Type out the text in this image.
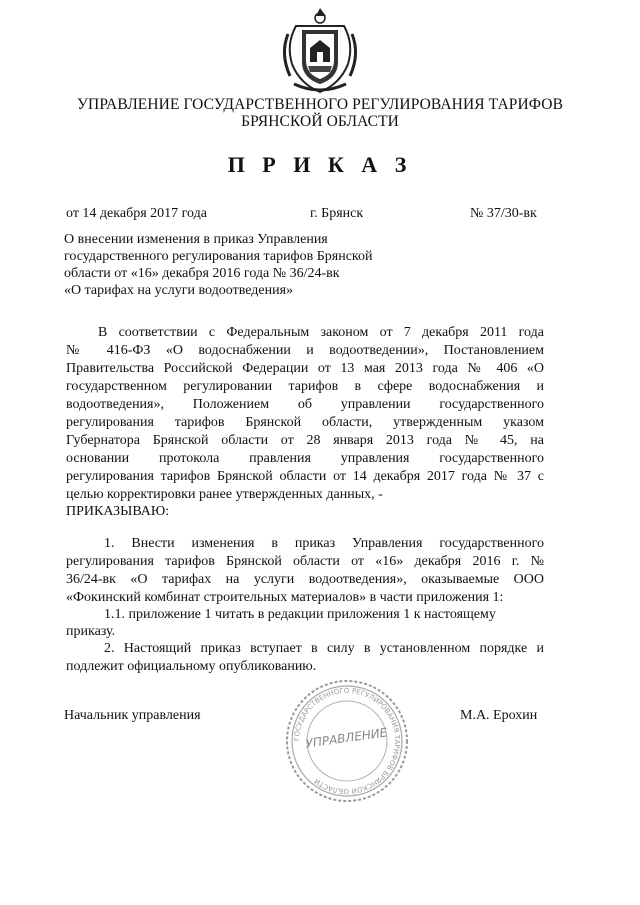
УПРАВЛЕНИЕ ГОСУДАРСТВЕННОГО РЕГУЛИРОВАНИЯ ТАРИФОВ
БРЯНСКОЙ ОБЛАСТИ
П Р И К А З
от 14 декабря 2017 года	г. Брянск	№ 37/30-вк
О внесении изменения в приказ Управления
государственного регулирования тарифов Брянской
области от «16» декабря 2016 года № 36/24-вк
«О тарифах на услуги водоотведения»
В соответствии с Федеральным законом от 7 декабря 2011 года
№ 416-ФЗ «О водоснабжении и водоотведении», Постановлением
Правительства Российской Федерации от 13 мая 2013 года № 406 «О
государственном регулировании тарифов в сфере водоснабжения и
водоотведения», Положением об управлении государственного
регулирования тарифов Брянской области, утвержденным указом
Губернатора Брянской области от 28 января 2013 года № 45, на
основании протокола правления управления государственного
регулирования тарифов Брянской области от 14 декабря 2017 года № 37 с
целью корректировки ранее утвержденных данных, -
ПРИКАЗЫВАЮ:
1. Внести изменения в приказ Управления государственного
регулирования тарифов Брянской области от «16» декабря 2016 г. №
36/24-вк «О тарифах на услуги водоотведения», оказываемые ООО
«Фокинский комбинат строительных материалов» в части приложения 1:
1.1. приложение 1 читать в редакции приложения 1 к настоящему
приказу.
2. Настоящий приказ вступает в силу в установленном порядке и
подлежит официальному опубликованию.
Начальник управления	М.А. Ерохин
ГОСУДАРСТВЕННОГО РЕГУЛИРОВАНИЯ ТАРИФОВ БРЯНСКОЙ ОБЛАСТИ
УПРАВЛЕНИЕ
